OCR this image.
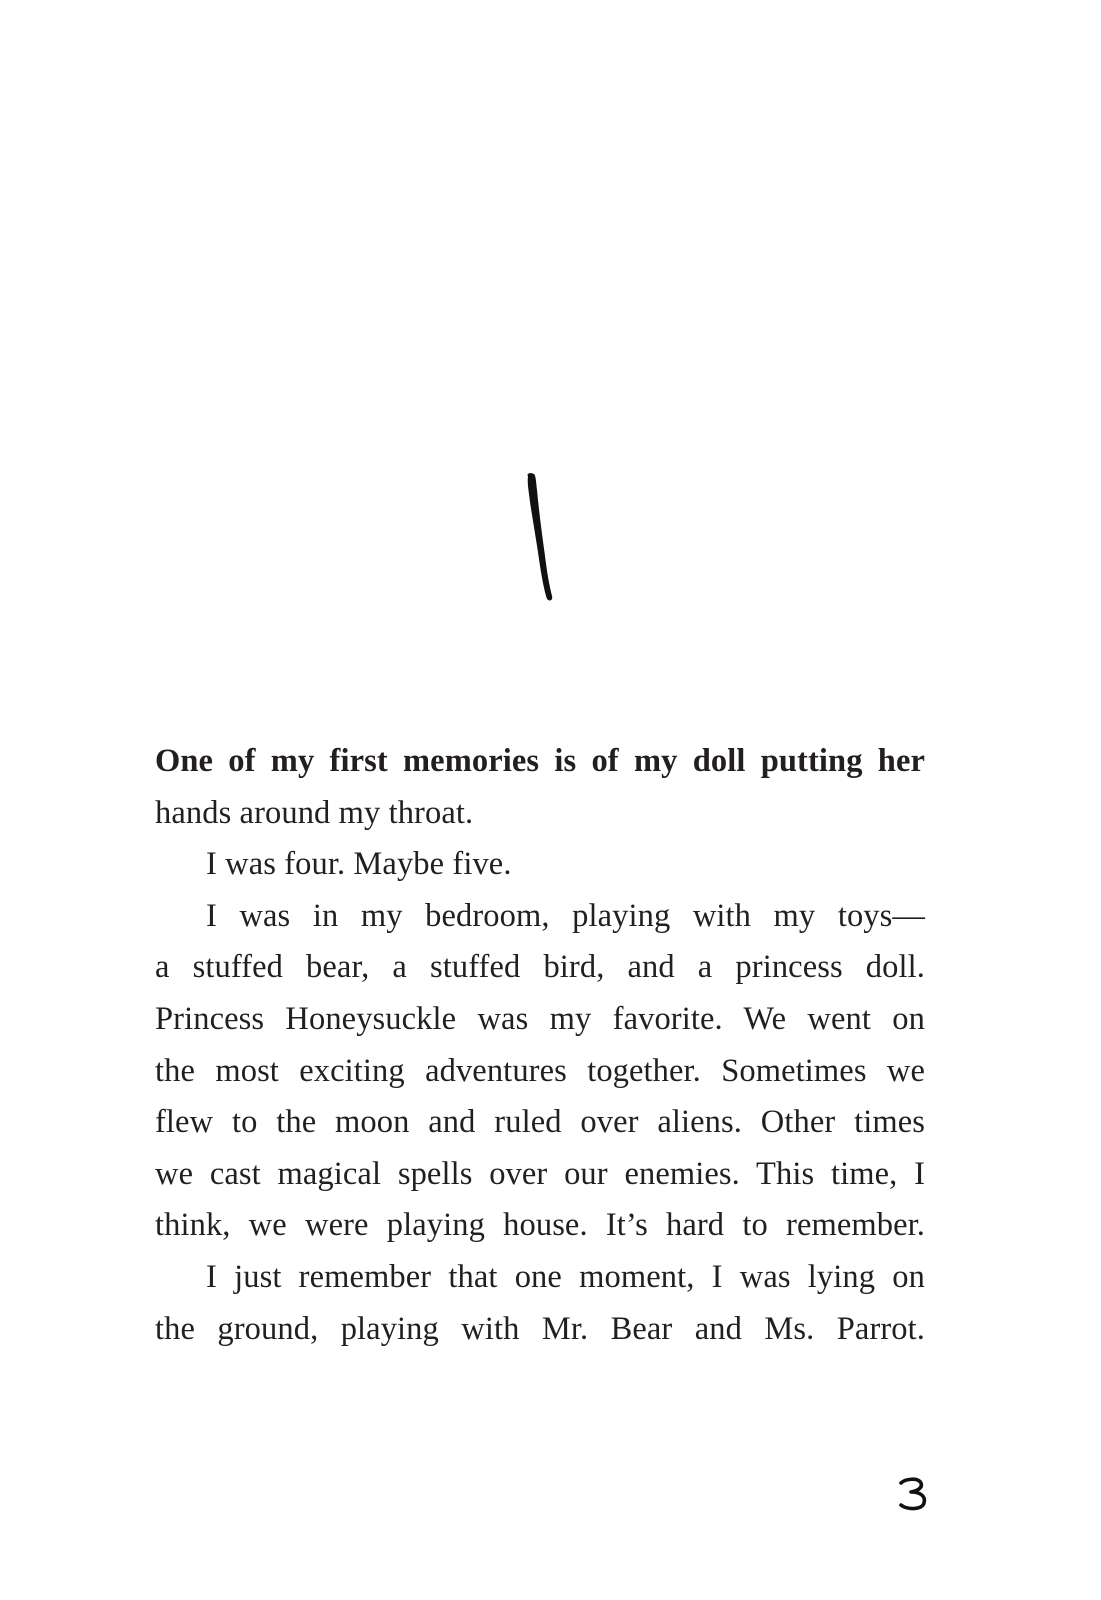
One of my first memories is of my doll putting her
hands around my throat.
I was four. Maybe five.
I was in my bedroom, playing with my toys—
a stuffed bear, a stuffed bird, and a princess doll.
Princess Honeysuckle was my favorite. We went on
the most exciting adventures together. Sometimes we
flew to the moon and ruled over aliens. Other times
we cast magical spells over our enemies. This time, I
think, we were playing house. It’s hard to remember.
I just remember that one moment, I was lying on
the ground, playing with Mr. Bear and Ms. Parrot.
